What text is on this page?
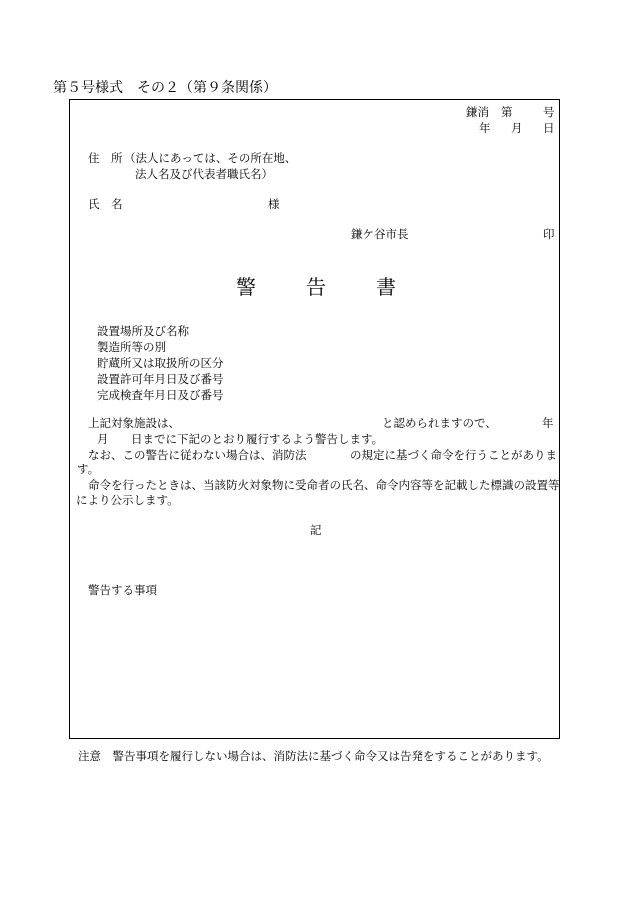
第５号様式　その２（第９条関係）
鎌消 第	号
年 月 日
住　所 （法人にあっては、その所在地、
法人名及び代表者職氏名）
氏　名	様
鎌ケ谷市長	印
警	告	書
設置場所及び名称
製造所等の別
貯蔵所又は取扱所の区分
設置許可年月日及び番号
完成検査年月日及び番号
上記対象施設は、	と認められますので、	年
月 日までに下記のとおり履行するよう警告します。
なお、この警告に従わない場合は、消防法	の規定に基づく命令を行うことがありま
す。
命令を行ったときは、当該防火対象物に受命者の氏名、命令内容等を記載した標識の設置等
により公示します。
記
警告する事項
注意　警告事項を履行しない場合は、消防法に基づく命令又は告発をすることがあります。
